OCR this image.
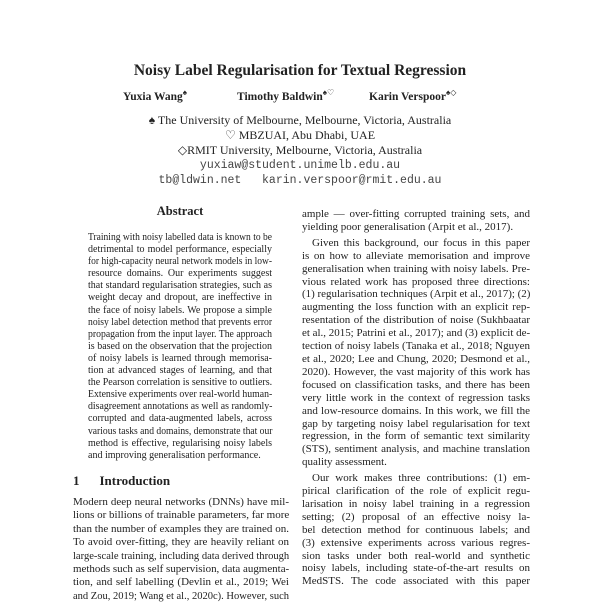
Noisy Label Regularisation for Textual Regression
Yuxia Wang♠	Timothy Baldwin♠♡	Karin Verspoor♠◇
♠ The University of Melbourne, Melbourne, Victoria, Australia
♡ MBZUAI, Abu Dhabi, UAE
◇RMIT University, Melbourne, Victoria, Australia
yuxiaw@student.unimelb.edu.au
tb@ldwin.net   karin.verspoor@rmit.edu.au
Abstract
Training with noisy labelled data is known to be
detrimental to model performance, especially
for high-capacity neural network models in low-
resource domains. Our experiments suggest
that standard regularisation strategies, such as
weight decay and dropout, are ineffective in
the face of noisy labels. We propose a simple
noisy label detection method that prevents error
propagation from the input layer. The approach
is based on the observation that the projection
of noisy labels is learned through memorisa-
tion at advanced stages of learning, and that
the Pearson correlation is sensitive to outliers.
Extensive experiments over real-world human-
disagreement annotations as well as randomly-
corrupted and data-augmented labels, across
various tasks and domains, demonstrate that our
method is effective, regularising noisy labels
and improving generalisation performance.
1 Introduction
Modern deep neural networks (DNNs) have mil-
lions or billions of trainable parameters, far more
than the number of examples they are trained on.
To avoid over-fitting, they are heavily reliant on
large-scale training, including data derived through
methods such as self supervision, data augmenta-
tion, and self labelling (Devlin et al., 2019; Wei
and Zou, 2019; Wang et al., 2020c). However, such
ample — over-fitting corrupted training sets, and
yielding poor generalisation (Arpit et al., 2017).
Given this background, our focus in this paper
is on how to alleviate memorisation and improve
generalisation when training with noisy labels. Pre-
vious related work has proposed three directions:
(1) regularisation techniques (Arpit et al., 2017); (2)
augmenting the loss function with an explicit rep-
resentation of the distribution of noise (Sukhbaatar
et al., 2015; Patrini et al., 2017); and (3) explicit de-
tection of noisy labels (Tanaka et al., 2018; Nguyen
et al., 2020; Lee and Chung, 2020; Desmond et al.,
2020). However, the vast majority of this work has
focused on classification tasks, and there has been
very little work in the context of regression tasks
and low-resource domains. In this work, we fill the
gap by targeting noisy label regularisation for text
regression, in the form of semantic text similarity
(STS), sentiment analysis, and machine translation
quality assessment.
Our work makes three contributions: (1) em-
pirical clarification of the role of explicit regu-
larisation in noisy label training in a regression
setting; (2) proposal of an effective noisy la-
bel detection method for continuous labels; and
(3) extensive experiments across various regres-
sion tasks under both real-world and synthetic
noisy labels, including state-of-the-art results on
MedSTS. The code associated with this paper
